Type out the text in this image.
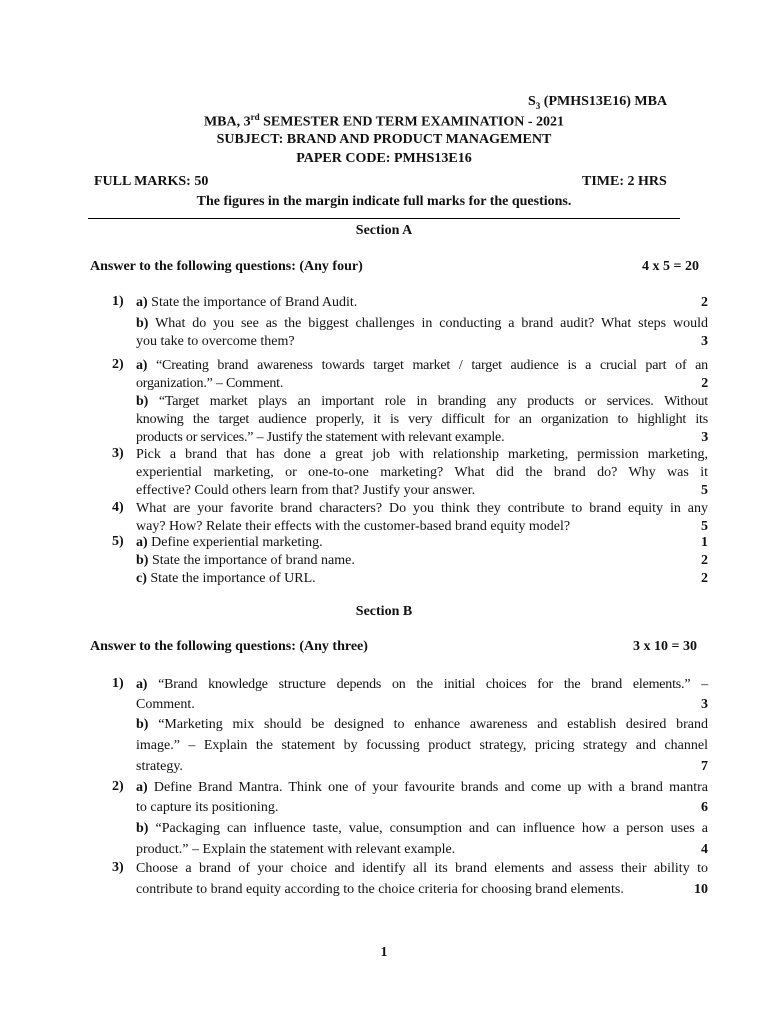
$S_3$ (PMHS13E16) MBA
MBA, 3rd SEMESTER END TERM EXAMINATION - 2021
SUBJECT: BRAND AND PRODUCT MANAGEMENT
PAPER CODE: PMHS13E16
FULL MARKS: 50	TIME: 2 HRS
The figures in the margin indicate full marks for the questions.
Section A
Answer to the following questions: (Any four)	4 x 5 = 20
1) a) State the importance of Brand Audit.	2
b) What do you see as the biggest challenges in conducting a brand audit? What steps would
you take to overcome them?	3
2) a) “Creating brand awareness towards target market / target audience is a crucial part of an
organization.” – Comment.	2
b) “Target market plays an important role in branding any products or services. Without
knowing the target audience properly, it is very difficult for an organization to highlight its
products or services.” – Justify the statement with relevant example.	3
3) Pick a brand that has done a great job with relationship marketing, permission marketing,
experiential marketing, or one-to-one marketing? What did the brand do? Why was it
effective? Could others learn from that? Justify your answer.	5
4) What are your favorite brand characters? Do you think they contribute to brand equity in any
way? How? Relate their effects with the customer-based brand equity model?	5
5) a) Define experiential marketing.	1
b) State the importance of brand name.	2
c) State the importance of URL.	2
Section B
Answer to the following questions: (Any three)	3 x 10 = 30
1) a) “Brand knowledge structure depends on the initial choices for the brand elements.” –
Comment.	3
b) “Marketing mix should be designed to enhance awareness and establish desired brand
image.” – Explain the statement by focussing product strategy, pricing strategy and channel
strategy.	7
2) a) Define Brand Mantra. Think one of your favourite brands and come up with a brand mantra
to capture its positioning.	6
b) “Packaging can influence taste, value, consumption and can influence how a person uses a
product.” – Explain the statement with relevant example.	4
3) Choose a brand of your choice and identify all its brand elements and assess their ability to
contribute to brand equity according to the choice criteria for choosing brand elements.	10
1
